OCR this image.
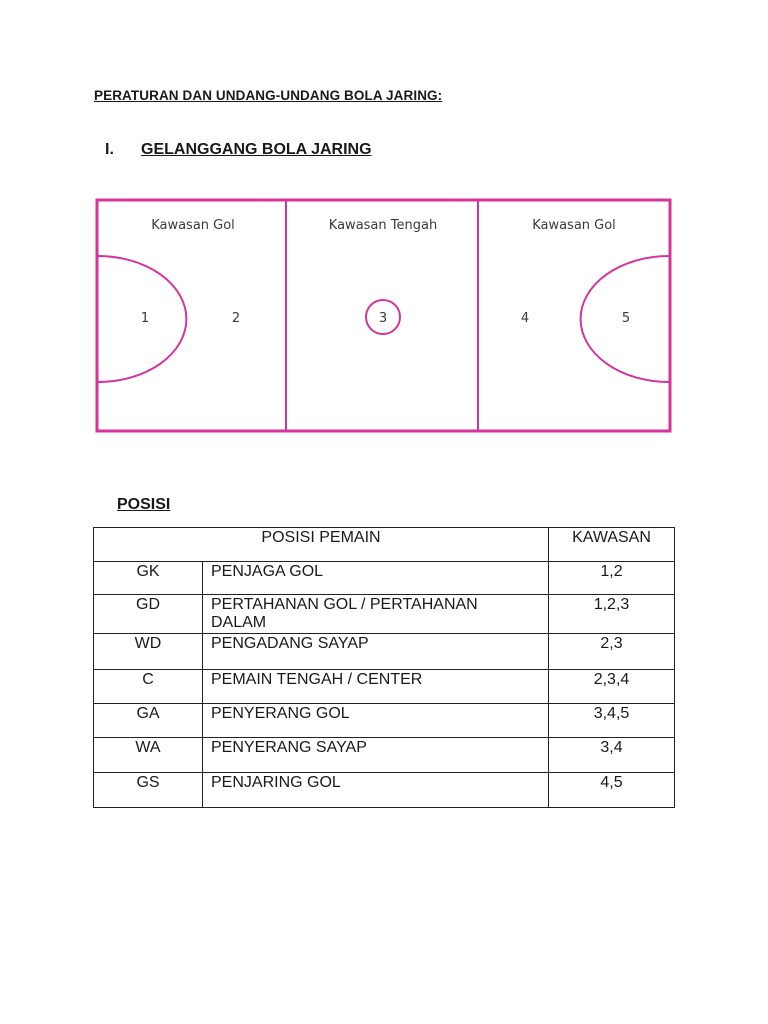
PERATURAN DAN UNDANG-UNDANG BOLA JARING:

I.	GELANGGANG BOLA JARING
Kawasan Gol	Kawasan Tengah	Kawasan Gol
1	2	3	4	5

POSISI

POSISI PEMAIN		KAWASAN
GK	PENJAGA GOL	1,2
GD	PERTAHANAN GOL / PERTAHANAN DALAM	1,2,3
WD	PENGADANG SAYAP	2,3
C	PEMAIN TENGAH / CENTER	2,3,4
GA	PENYERANG GOL	3,4,5
WA	PENYERANG SAYAP	3,4
GS	PENJARING GOL	4,5
